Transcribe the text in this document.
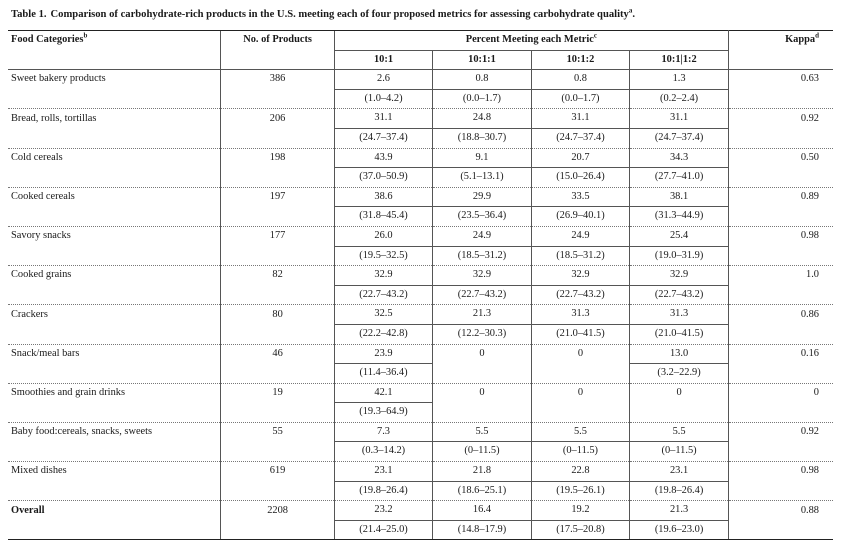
Table 1. Comparison of carbohydrate-rich products in the U.S. meeting each of four proposed metrics for assessing carbohydrate quality$^a$.
Food Categories$^b$	No. of Products	Percent Meeting each Metric$^c$				Kappa$^d$
		10:1	10:1:1	10:1:2	10:1|1:2	
Sweet bakery products	386	2.6	0.8	0.8	1.3	0.63
		(1.0–4.2)	(0.0–1.7)	(0.0–1.7)	(0.2–2.4)	
Bread, rolls, tortillas	206	31.1	24.8	31.1	31.1	0.92
		(24.7–37.4)	(18.8–30.7)	(24.7–37.4)	(24.7–37.4)	
Cold cereals	198	43.9	9.1	20.7	34.3	0.50
		(37.0–50.9)	(5.1–13.1)	(15.0–26.4)	(27.7–41.0)	
Cooked cereals	197	38.6	29.9	33.5	38.1	0.89
		(31.8–45.4)	(23.5–36.4)	(26.9–40.1)	(31.3–44.9)	
Savory snacks	177	26.0	24.9	24.9	25.4	0.98
		(19.5–32.5)	(18.5–31.2)	(18.5–31.2)	(19.0–31.9)	
Cooked grains	82	32.9	32.9	32.9	32.9	1.0
		(22.7–43.2)	(22.7–43.2)	(22.7–43.2)	(22.7–43.2)	
Crackers	80	32.5	21.3	31.3	31.3	0.86
		(22.2–42.8)	(12.2–30.3)	(21.0–41.5)	(21.0–41.5)	
Snack/meal bars	46	23.9	0	0	13.0	0.16
		(11.4–36.4)			(3.2–22.9)	
Smoothies and grain drinks	19	42.1	0	0	0	0
		(19.3–64.9)				
Baby food:cereals, snacks, sweets	55	7.3	5.5	5.5	5.5	0.92
		(0.3–14.2)	(0–11.5)	(0–11.5)	(0–11.5)	
Mixed dishes	619	23.1	21.8	22.8	23.1	0.98
		(19.8–26.4)	(18.6–25.1)	(19.5–26.1)	(19.8–26.4)	
Overall	2208	23.2	16.4	19.2	21.3	0.88
		(21.4–25.0)	(14.8–17.9)	(17.5–20.8)	(19.6–23.0)	
